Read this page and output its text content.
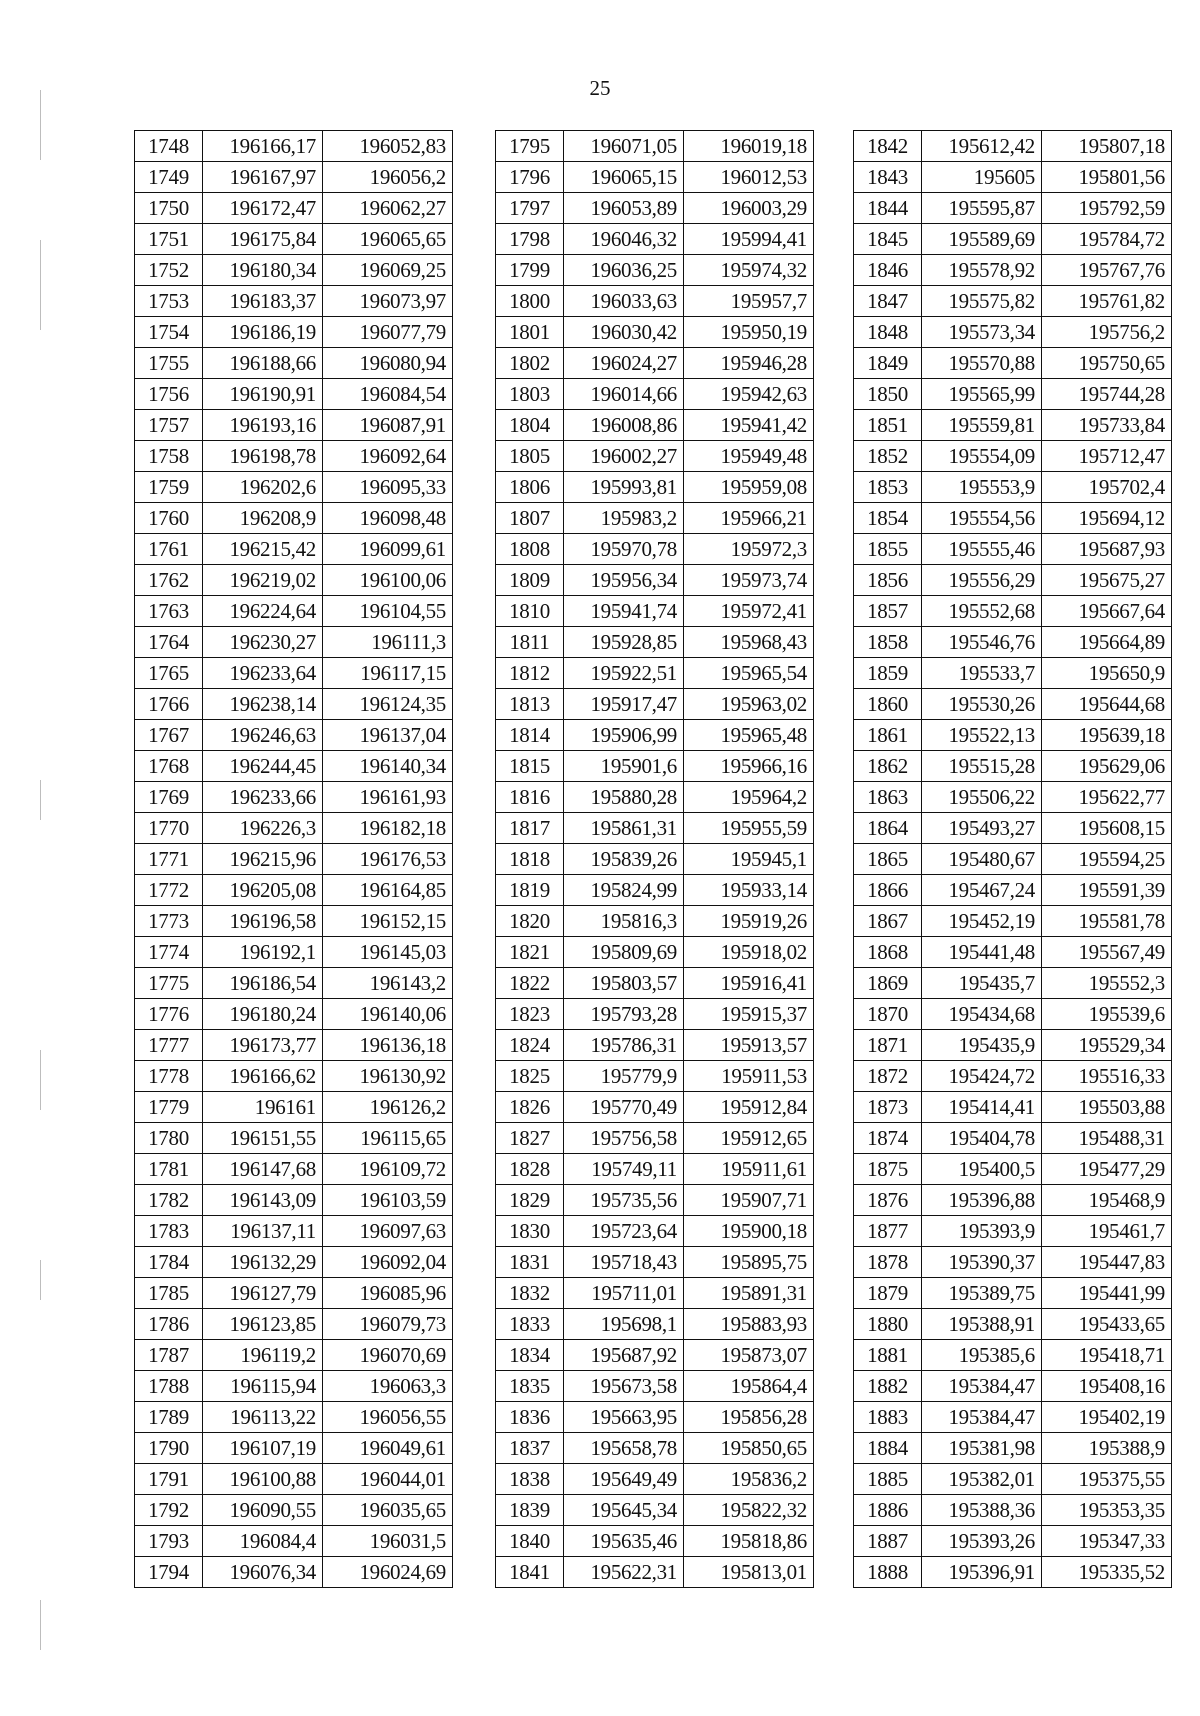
25
1748	196166,17	196052,83
1749	196167,97	196056,2
1750	196172,47	196062,27
1751	196175,84	196065,65
1752	196180,34	196069,25
1753	196183,37	196073,97
1754	196186,19	196077,79
1755	196188,66	196080,94
1756	196190,91	196084,54
1757	196193,16	196087,91
1758	196198,78	196092,64
1759	196202,6	196095,33
1760	196208,9	196098,48
1761	196215,42	196099,61
1762	196219,02	196100,06
1763	196224,64	196104,55
1764	196230,27	196111,3
1765	196233,64	196117,15
1766	196238,14	196124,35
1767	196246,63	196137,04
1768	196244,45	196140,34
1769	196233,66	196161,93
1770	196226,3	196182,18
1771	196215,96	196176,53
1772	196205,08	196164,85
1773	196196,58	196152,15
1774	196192,1	196145,03
1775	196186,54	196143,2
1776	196180,24	196140,06
1777	196173,77	196136,18
1778	196166,62	196130,92
1779	196161	196126,2
1780	196151,55	196115,65
1781	196147,68	196109,72
1782	196143,09	196103,59
1783	196137,11	196097,63
1784	196132,29	196092,04
1785	196127,79	196085,96
1786	196123,85	196079,73
1787	196119,2	196070,69
1788	196115,94	196063,3
1789	196113,22	196056,55
1790	196107,19	196049,61
1791	196100,88	196044,01
1792	196090,55	196035,65
1793	196084,4	196031,5
1794	196076,34	196024,69
1795	196071,05	196019,18
1796	196065,15	196012,53
1797	196053,89	196003,29
1798	196046,32	195994,41
1799	196036,25	195974,32
1800	196033,63	195957,7
1801	196030,42	195950,19
1802	196024,27	195946,28
1803	196014,66	195942,63
1804	196008,86	195941,42
1805	196002,27	195949,48
1806	195993,81	195959,08
1807	195983,2	195966,21
1808	195970,78	195972,3
1809	195956,34	195973,74
1810	195941,74	195972,41
1811	195928,85	195968,43
1812	195922,51	195965,54
1813	195917,47	195963,02
1814	195906,99	195965,48
1815	195901,6	195966,16
1816	195880,28	195964,2
1817	195861,31	195955,59
1818	195839,26	195945,1
1819	195824,99	195933,14
1820	195816,3	195919,26
1821	195809,69	195918,02
1822	195803,57	195916,41
1823	195793,28	195915,37
1824	195786,31	195913,57
1825	195779,9	195911,53
1826	195770,49	195912,84
1827	195756,58	195912,65
1828	195749,11	195911,61
1829	195735,56	195907,71
1830	195723,64	195900,18
1831	195718,43	195895,75
1832	195711,01	195891,31
1833	195698,1	195883,93
1834	195687,92	195873,07
1835	195673,58	195864,4
1836	195663,95	195856,28
1837	195658,78	195850,65
1838	195649,49	195836,2
1839	195645,34	195822,32
1840	195635,46	195818,86
1841	195622,31	195813,01
1842	195612,42	195807,18
1843	195605	195801,56
1844	195595,87	195792,59
1845	195589,69	195784,72
1846	195578,92	195767,76
1847	195575,82	195761,82
1848	195573,34	195756,2
1849	195570,88	195750,65
1850	195565,99	195744,28
1851	195559,81	195733,84
1852	195554,09	195712,47
1853	195553,9	195702,4
1854	195554,56	195694,12
1855	195555,46	195687,93
1856	195556,29	195675,27
1857	195552,68	195667,64
1858	195546,76	195664,89
1859	195533,7	195650,9
1860	195530,26	195644,68
1861	195522,13	195639,18
1862	195515,28	195629,06
1863	195506,22	195622,77
1864	195493,27	195608,15
1865	195480,67	195594,25
1866	195467,24	195591,39
1867	195452,19	195581,78
1868	195441,48	195567,49
1869	195435,7	195552,3
1870	195434,68	195539,6
1871	195435,9	195529,34
1872	195424,72	195516,33
1873	195414,41	195503,88
1874	195404,78	195488,31
1875	195400,5	195477,29
1876	195396,88	195468,9
1877	195393,9	195461,7
1878	195390,37	195447,83
1879	195389,75	195441,99
1880	195388,91	195433,65
1881	195385,6	195418,71
1882	195384,47	195408,16
1883	195384,47	195402,19
1884	195381,98	195388,9
1885	195382,01	195375,55
1886	195388,36	195353,35
1887	195393,26	195347,33
1888	195396,91	195335,52
